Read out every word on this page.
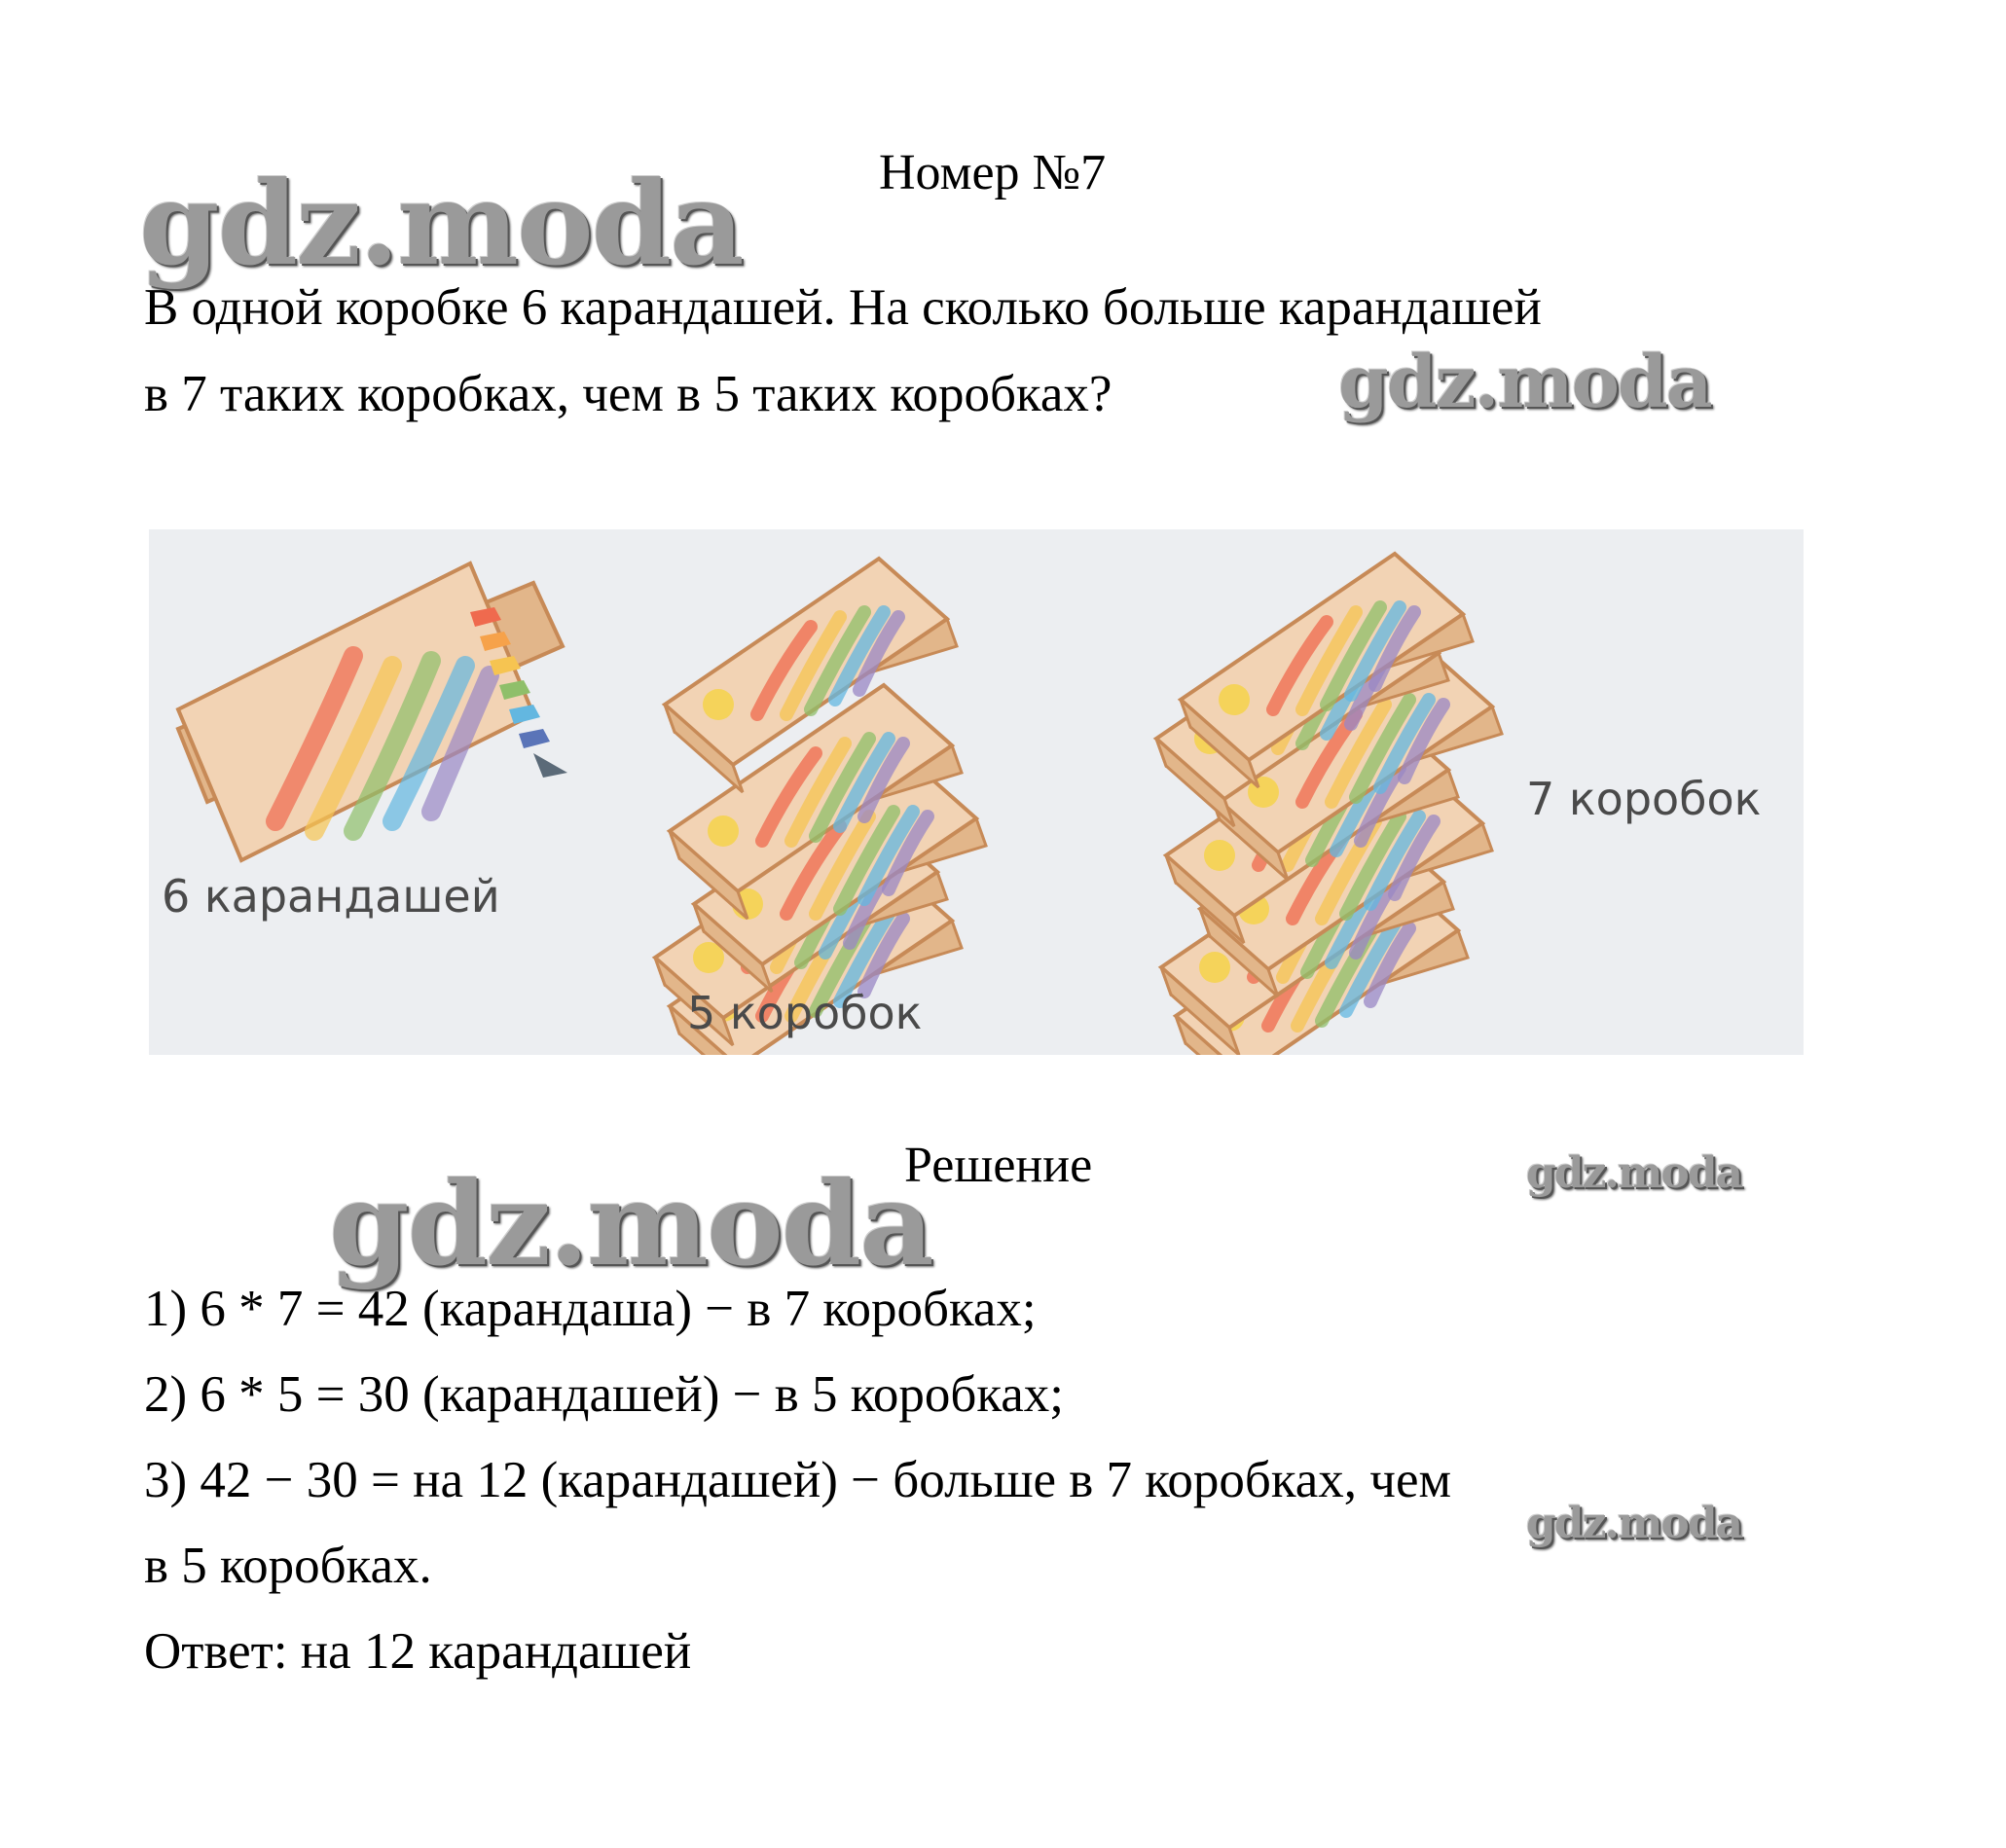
Номер №7
gdz.moda
gdz.moda
gdz.moda	gdz.moda
gdz.moda
В одной коробке 6 карандашей. На сколько больше карандашей
в 7 таких коробках, чем в 5 таких коробках?
6 карандашей
5 коробок
7 коробок
Решение
1) 6 * 7 = 42 (карандаша) − в 7 коробках;
2) 6 * 5 = 30 (карандашей) − в 5 коробках;
3) 42 − 30 = на 12 (карандашей) − больше в 7 коробках, чем
в 5 коробках.
Ответ: на 12 карандашей
